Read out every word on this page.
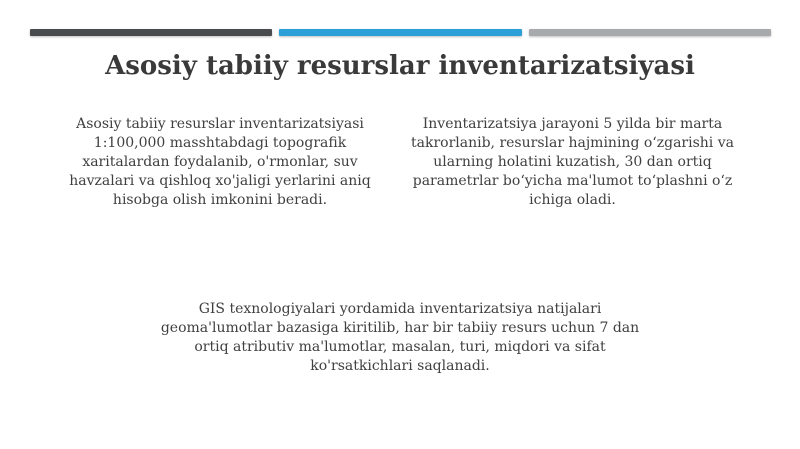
Asosiy tabiiy resurslar inventarizatsiyasi
Asosiy tabiiy resurslar inventarizatsiyasi 1:100,000 masshtabdagi topografik xaritalardan foydalanib, o'rmonlar, suv havzalari va qishloq xo'jaligi yerlarini aniq hisobga olish imkonini beradi.
Inventarizatsiya jarayoni 5 yilda bir marta takrorlanib, resurslar hajmining o‘zgarishi va ularning holatini kuzatish, 30 dan ortiq parametrlar bo‘yicha ma'lumot to‘plashni o‘z ichiga oladi.
GIS texnologiyalari yordamida inventarizatsiya natijalari geoma'lumotlar bazasiga kiritilib, har bir tabiiy resurs uchun 7 dan ortiq atributiv ma'lumotlar, masalan, turi, miqdori va sifat ko'rsatkichlari saqlanadi.
